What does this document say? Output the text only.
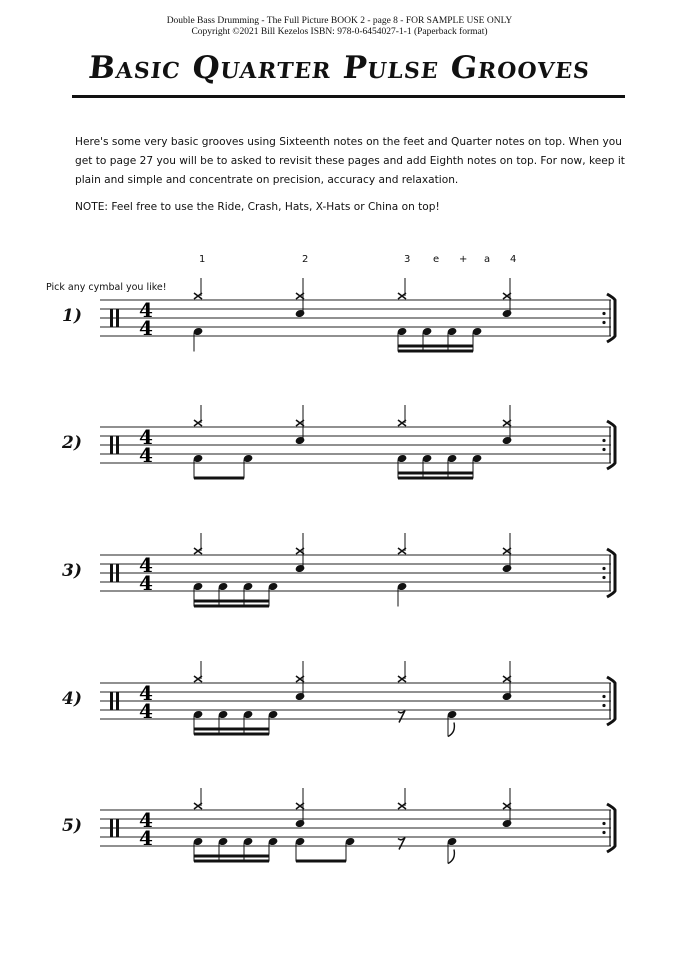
Double Bass Drumming - The Full Picture BOOK 2 - page 8 - FOR SAMPLE USE ONLY
Copyright ©2021 Bill Kezelos ISBN: 978-0-6454027-1-1 (Paperback format)
Basic Quarter Pulse Grooves
Here's some very basic grooves using Sixteenth notes on the feet and Quarter notes on top. When you get to page 27 you will be to asked to revisit these pages and add Eighth notes on top. For now, keep it plain and simple and concentrate on precision, accuracy and relaxation.
NOTE: Feel free to use the Ride, Crash, Hats, X-Hats or China on top!
1	2	3 e + a 4
Pick any cymbal you like!
1)	4
4
2)	4
4
3)	4
4
4)	4
4
5)	4
4
